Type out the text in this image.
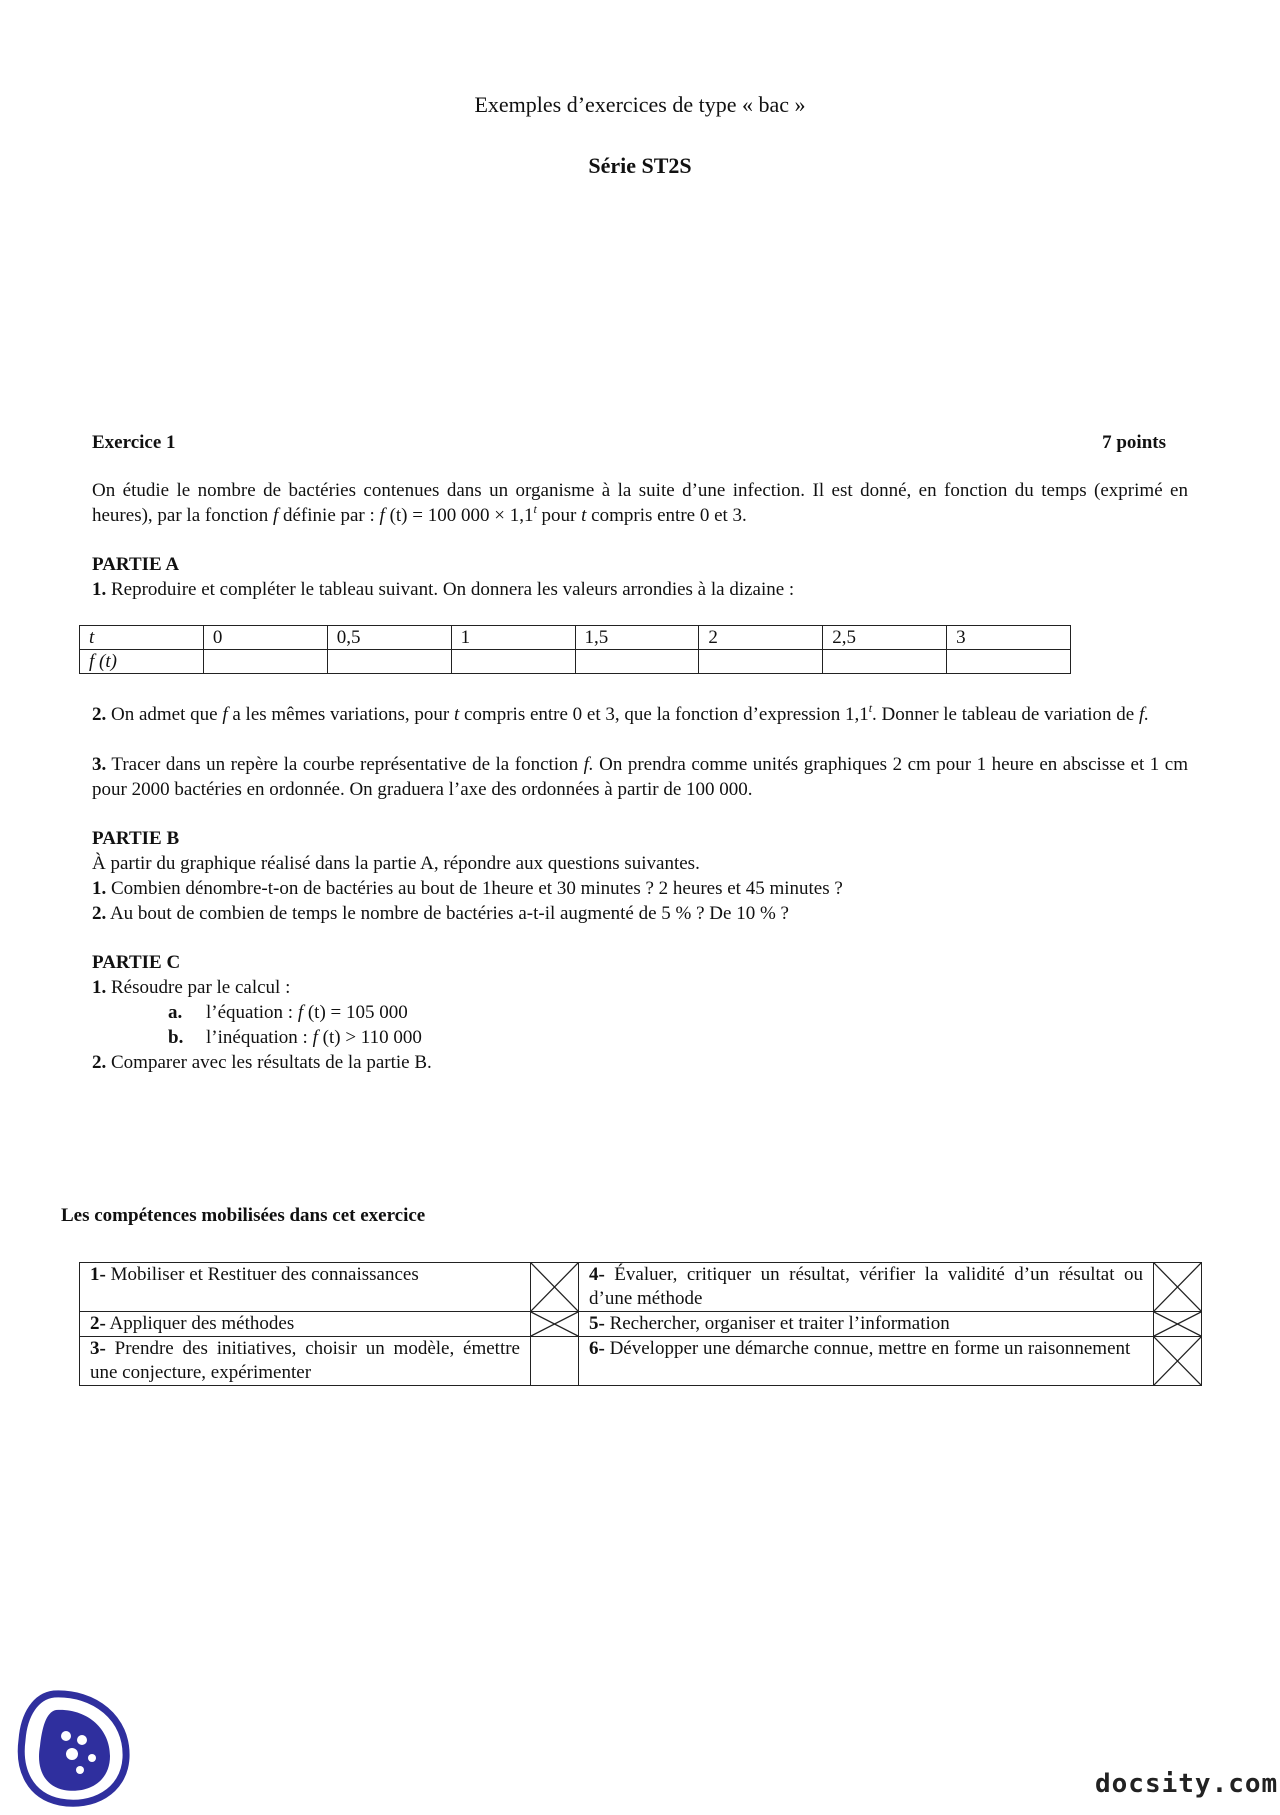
Exemples d’exercices de type « bac »
Série ST2S
Exercice 1	7 points
On étudie le nombre de bactéries contenues dans un organisme à la suite d’une infection. Il est donné, en fonction du temps (exprimé en heures), par la fonction f définie par : f (t) = 100 $000 \times 1,1^t$ pour t compris entre 0 et 3.
PARTIE A
1. Reproduire et compléter le tableau suivant. On donnera les valeurs arrondies à la dizaine :
t	0	0,5	1	1,5	2	2,5	3
f (t)							
2. On admet que f a les mêmes variations, pour t compris entre 0 et 3, que la fonction d’expression 1,1$^t$. Donner le tableau de variation de f.
3. Tracer dans un repère la courbe représentative de la fonction f. On prendra comme unités graphiques 2 cm pour 1 heure en abscisse et 1 cm pour 2000 bactéries en ordonnée. On graduera l’axe des ordonnées à partir de 100 000.
PARTIE B
À partir du graphique réalisé dans la partie A, répondre aux questions suivantes.
1. Combien dénombre-t-on de bactéries au bout de 1heure et 30 minutes ? 2 heures et 45 minutes ?
2. Au bout de combien de temps le nombre de bactéries a-t-il augmenté de 5 % ? De 10 % ?
PARTIE C
1. Résoudre par le calcul :
a. l’équation : f (t) = 105 000
b. l’inéquation : f (t) > 110 000
2. Comparer avec les résultats de la partie B.
Les compétences mobilisées dans cet exercice
1- Mobiliser et Restituer des connaissances		4- Évaluer, critiquer un résultat, vérifier la validité d’un résultat ou d’une méthode	

2- Appliquer des méthodes		5- Rechercher, organiser et traiter l’information	

3- Prendre des initiatives, choisir un modèle, émettre une conjecture, expérimenter		6- Développer une démarche connue, mettre en forme un raisonnement	
docsity.com
